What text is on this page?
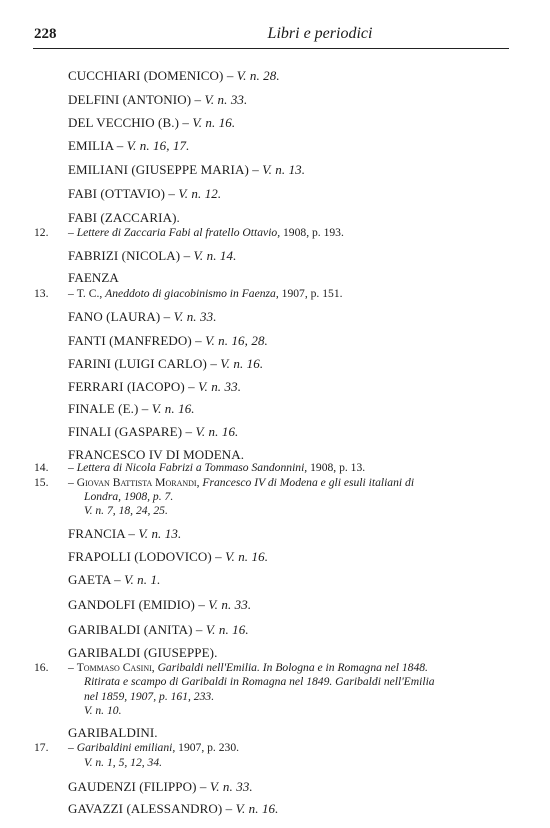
228	Libri e periodici
CUCCHIARI (DOMENICO) – V. n. 28.
DELFINI (ANTONIO) – V. n. 33.
DEL VECCHIO (B.) – V. n. 16.
EMILIA – V. n. 16, 17.
EMILIANI (GIUSEPPE MARIA) – V. n. 13.
FABI (OTTAVIO) – V. n. 12.
FABI (ZACCARIA).
12. – Lettere di Zaccaria Fabi al fratello Ottavio, 1908, p. 193.
FABRIZI (NICOLA) – V. n. 14.
FAENZA
13. – T. C., Aneddoto di giacobinismo in Faenza, 1907, p. 151.
FANO (LAURA) – V. n. 33.
FANTI (MANFREDO) – V. n. 16, 28.
FARINI (LUIGI CARLO) – V. n. 16.
FERRARI (IACOPO) – V. n. 33.
FINALE (E.) – V. n. 16.
FINALI (GASPARE) – V. n. 16.
FRANCESCO IV DI MODENA.
14. – Lettera di Nicola Fabrizi a Tommaso Sandonnini, 1908, p. 13.
15. – Giovan Battista Morandi, Francesco IV di Modena e gli esuli italiani di
Londra, 1908, p. 7.
V. n. 7, 18, 24, 25.
FRANCIA – V. n. 13.
FRAPOLLI (LODOVICO) – V. n. 16.
GAETA – V. n. 1.
GANDOLFI (EMIDIO) – V. n. 33.
GARIBALDI (ANITA) – V. n. 16.
GARIBALDI (GIUSEPPE).
16. – Tommaso Casini, Garibaldi nell'Emilia. In Bologna e in Romagna nel 1848.
Ritirata e scampo di Garibaldi in Romagna nel 1849. Garibaldi nell'Emilia
nel 1859, 1907, p. 161, 233.
V. n. 10.
GARIBALDINI.
17. – Garibaldini emiliani, 1907, p. 230.
V. n. 1, 5, 12, 34.
GAUDENZI (FILIPPO) – V. n. 33.
GAVAZZI (ALESSANDRO) – V. n. 16.
